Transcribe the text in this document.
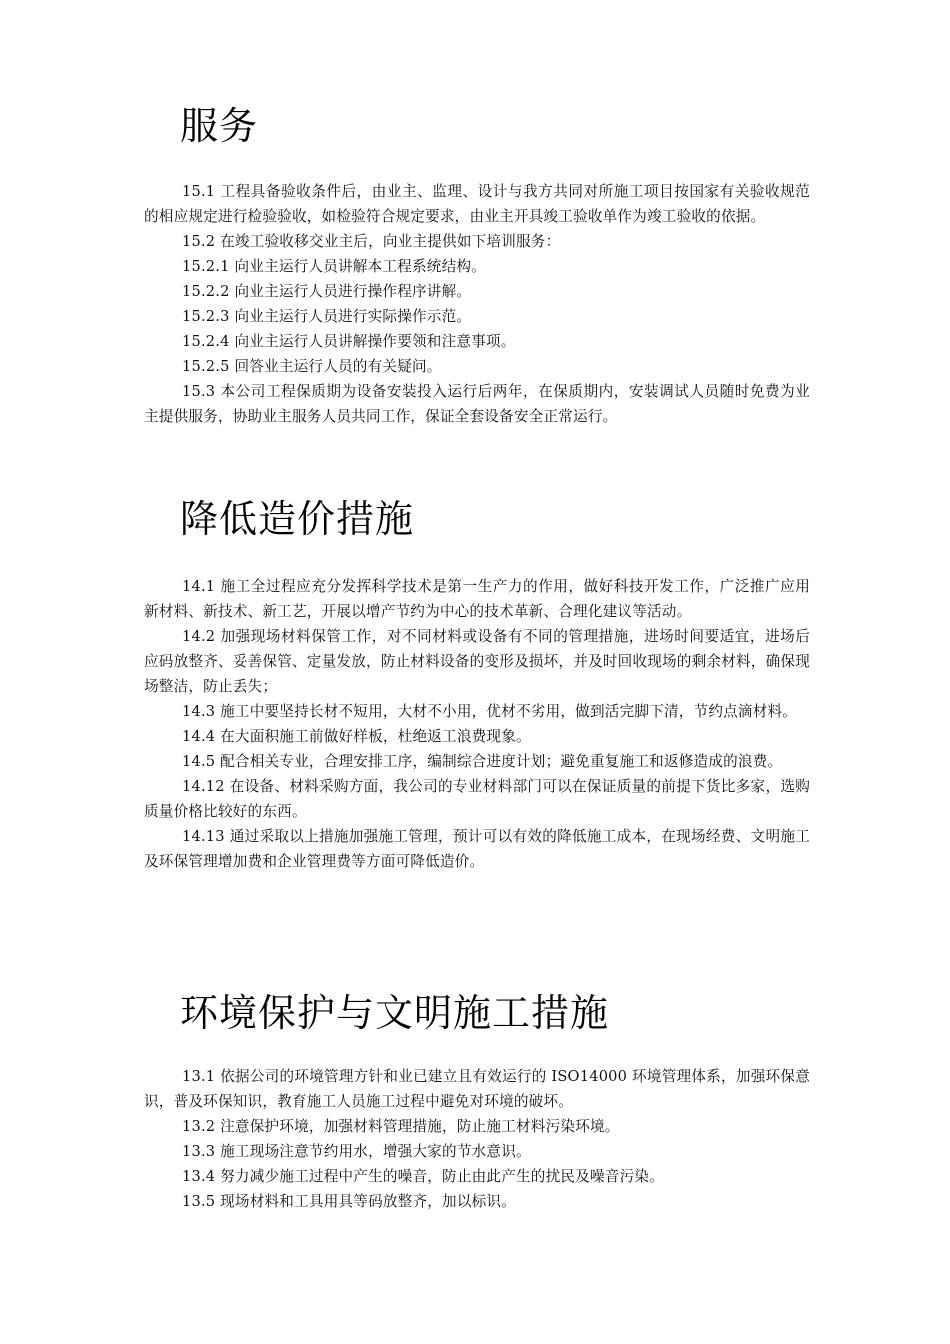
服务

15.1 工程具备验收条件后，由业主、监理、设计与我方共同对所施工项目按国家有关验收规范的相应规定进行检验验收，如检验符合规定要求，由业主开具竣工验收单作为竣工验收的依据。

15.2 在竣工验收移交业主后，向业主提供如下培训服务：

15.2.1 向业主运行人员讲解本工程系统结构。

15.2.2 向业主运行人员进行操作程序讲解。

15.2.3 向业主运行人员进行实际操作示范。

15.2.4 向业主运行人员讲解操作要领和注意事项。

15.2.5 回答业主运行人员的有关疑问。

15.3 本公司工程保质期为设备安装投入运行后两年，在保质期内，安装调试人员随时免费为业主提供服务，协助业主服务人员共同工作，保证全套设备安全正常运行。

降低造价措施

14.1 施工全过程应充分发挥科学技术是第一生产力的作用，做好科技开发工作，广泛推广应用新材料、新技术、新工艺，开展以增产节约为中心的技术革新、合理化建议等活动。

14.2 加强现场材料保管工作，对不同材料或设备有不同的管理措施，进场时间要适宜，进场后应码放整齐、妥善保管、定量发放，防止材料设备的变形及损坏，并及时回收现场的剩余材料，确保现场整洁，防止丢失；

14.3 施工中要坚持长材不短用，大材不小用，优材不劣用，做到活完脚下清，节约点滴材料。

14.4 在大面积施工前做好样板，杜绝返工浪费现象。

14.5 配合相关专业，合理安排工序，编制综合进度计划；避免重复施工和返修造成的浪费。

14.12 在设备、材料采购方面，我公司的专业材料部门可以在保证质量的前提下货比多家，选购质量价格比较好的东西。

14.13 通过采取以上措施加强施工管理，预计可以有效的降低施工成本，在现场经费、文明施工及环保管理增加费和企业管理费等方面可降低造价。

环境保护与文明施工措施

13.1 依据公司的环境管理方针和业已建立且有效运行的 ISO14000 环境管理体系，加强环保意识，普及环保知识，教育施工人员施工过程中避免对环境的破坏。

13.2 注意保护环境，加强材料管理措施，防止施工材料污染环境。

13.3 施工现场注意节约用水，增强大家的节水意识。

13.4 努力减少施工过程中产生的噪音，防止由此产生的扰民及噪音污染。

13.5 现场材料和工具用具等码放整齐，加以标识。
